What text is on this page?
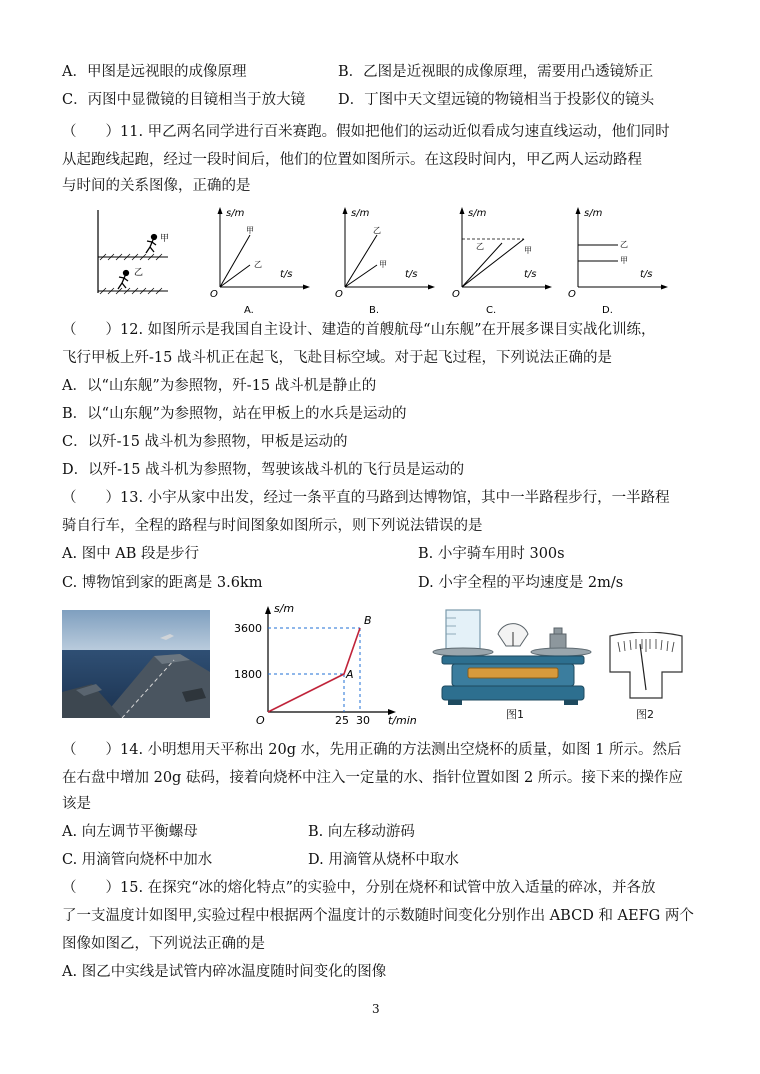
A．甲图是远视眼的成像原理	B．乙图是近视眼的成像原理，需要用凸透镜矫正
C．丙图中显微镜的目镜相当于放大镜 D．丁图中天文望远镜的物镜相当于投影仪的镜头
（　　）11. 甲乙两名同学进行百米赛跑。假如把他们的运动近似看成匀速直线运动，他们同时
从起跑线起跑，经过一段时间后，他们的位置如图所示。在这段时间内，甲乙两人运动路程
与时间的关系图像，正确的是
甲
乙
s/m
t/s
O
甲
乙
A.
s/m
t/s
O
乙
甲
B.
s/m
t/s
O
乙	甲
C.
s/m
t/s
O
乙
甲
D.
（　　）12. 如图所示是我国自主设计、建造的首艘航母“山东舰”在开展多课目实战化训练，
飞行甲板上歼-15 战斗机正在起飞，飞赴目标空域。对于起飞过程，下列说法正确的是
A．以“山东舰”为参照物，歼-15 战斗机是静止的
B．以“山东舰”为参照物，站在甲板上的水兵是运动的
C．以歼-15 战斗机为参照物，甲板是运动的
D．以歼-15 战斗机为参照物，驾驶该战斗机的飞行员是运动的
（　　）13. 小宇从家中出发，经过一条平直的马路到达博物馆，其中一半路程步行，一半路程
骑自行车，全程的路程与时间图象如图所示，则下列说法错误的是
A. 图中 AB 段是步行	B. 小宇骑车用时 300s
C. 博物馆到家的距离是 3.6km	D. 小宇全程的平均速度是 2m/s
s/m
t/min
O
3600
1800
25 30
A
B
图1	图2
（　　）14. 小明想用天平称出 20g 水，先用正确的方法测出空烧杯的质量，如图 1 所示。然后
在右盘中增加 20g 砝码，接着向烧杯中注入一定量的水、指针位置如图 2 所示。接下来的操作应
该是
A. 向左调节平衡螺母	B. 向左移动游码
C. 用滴管向烧杯中加水	D. 用滴管从烧杯中取水
（　　）15. 在探究“冰的熔化特点”的实验中，分别在烧杯和试管中放入适量的碎冰，并各放
了一支温度计如图甲,实验过程中根据两个温度计的示数随时间变化分别作出 ABCD 和 AEFG 两个
图像如图乙，下列说法正确的是
A. 图乙中实线是试管内碎冰温度随时间变化的图像
3
